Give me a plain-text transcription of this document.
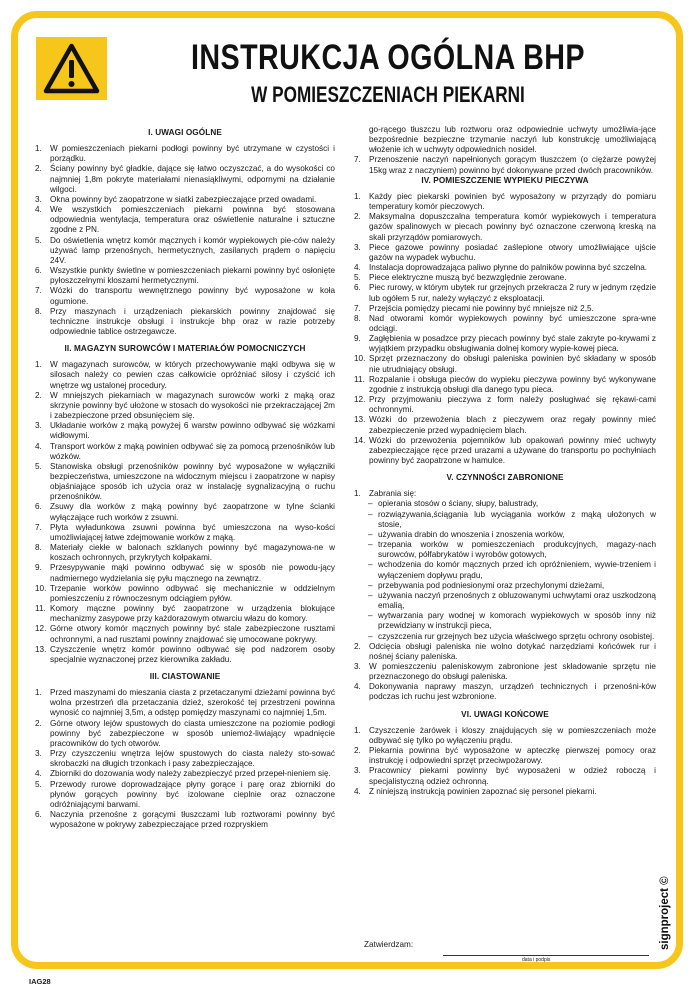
INSTRUKCJA OGÓLNA BHP
W POMIESZCZENIACH PIEKARNI
I. UWAGI OGÓLNE
1. W pomieszczeniach piekarni podłogi powinny być utrzymane w czystości i porządku.
2. Ściany powinny być gładkie, dające się łatwo oczyszczać, a do wysokości co najmniej 1,8m pokryte materiałami nienasiąkliwymi, odpornymi na działanie wilgoci.
3. Okna powinny być zaopatrzone w siatki zabezpieczające przed owadami.
4. We wszystkich pomieszczeniach piekarni powinna być stosowana odpowiednia wentylacja, temperatura oraz oświetlenie naturalne i sztuczne zgodne z PN.
5. Do oświetlenia wnętrz komór mącznych i komór wypiekowych pie-ców należy używać lamp przenośnych, hermetycznych, zasilanych prądem o napięciu 24V.
6. Wszystkie punkty świetlne w pomieszczeniach piekarni powinny być osłonięte pyłoszczelnymi kloszami hermetycznymi.
7. Wózki do transportu wewnętrznego powinny być wyposażone w koła ogumione.
8. Przy maszynach i urządzeniach piekarskich powinny znajdować się techniczne instrukcje obsługi i instrukcje bhp oraz w razie potrzeby odpowiednie tablice ostrzegawcze.
II. MAGAZYN SUROWCÓW I MATERIAŁÓW POMOCNICZYCH
1. W magazynach surowców, w których przechowywanie mąki odbywa się w silosach należy co pewien czas całkowicie opróżniać silosy i czyścić ich wnętrze wg ustalonej procedury.
2. W mniejszych piekarniach w magazynach surowców worki z mąką oraz skrzynie powinny być ułożone w stosach do wysokości nie przekraczającej 2m i zabezpieczone przed obsunięciem się.
3. Układanie worków z mąką powyżej 6 warstw powinno odbywać się wózkami widłowymi.
4. Transport worków z mąką powinien odbywać się za pomocą przenośników lub wózków.
5. Stanowiska obsługi przenośników powinny być wyposażone w wyłączniki bezpieczeństwa, umieszczone na widocznym miejscu i zaopatrzone w napisy objaśniające sposób ich użycia oraz w instalację sygnalizacyjną o ruchu przenośników.
6. Zsuwy dla worków z mąką powinny być zaopatrzone w tylne ścianki wyłączające ruch worków z zsuwni.
7. Płyta wyładunkowa zsuwni powinna być umieszczona na wyso-kości umożliwiającej łatwe zdejmowanie worków z mąką.
8. Materiały ciekłe w balonach szklanych powinny być magazynowa-ne w koszach ochronnych, przykrytych kołpakami.
9. Przesypywanie mąki powinno odbywać się w sposób nie powodu-jący nadmiernego wydzielania się pyłu mącznego na zewnątrz.
10. Trzepanie worków powinno odbywać się mechanicznie w oddzielnym pomieszczeniu z równoczesnym odciągiem pyłów.
11. Komory mączne powinny być zaopatrzone w urządzenia blokujące mechanizmy zasypowe przy każdorazowym otwarciu włazu do komory.
12. Górne otwory komór mącznych powinny być stale zabezpieczone rusztami ochronnymi, a nad rusztami powinny znajdować się umocowane pokrywy.
13. Czyszczenie wnętrz komór powinno odbywać się pod nadzorem osoby specjalnie wyznaczonej przez kierownika zakładu.
III. CIASTOWANIE
1. Przed maszynami do mieszania ciasta z przetaczanymi dzieżami powinna być wolna przestrzeń dla przetaczania dzież, szerokość tej przestrzeni powinna wynosić co najmniej 3,5m, a odstęp pomiędzy maszynami co najmniej 1,5m.
2. Górne otwory lejów spustowych do ciasta umieszczone na poziomie podłogi powinny być zabezpieczone w sposób uniemoż-liwiający wpadnięcie pracowników do tych otworów.
3. Przy czyszczeniu wnętrza lejów spustowych do ciasta należy sto-sować skrobaczki na długich trzonkach i pasy zabezpieczające.
4. Zbiorniki do dozowania wody należy zabezpieczyć przed przepeł-nieniem się.
5. Przewody rurowe doprowadzające płyny gorące i parę oraz zbiorniki do płynów gorących powinny być izolowane cieplnie oraz oznaczone odróżniającymi barwami.
6. Naczynia przenośne z gorącymi tłuszczami lub roztworami powinny być wyposażone w pokrywy zabezpieczające przed rozpryskiem
go-rącego tłuszczu lub roztworu oraz odpowiednie uchwyty umożliwia-jące bezpośrednie bezpieczne trzymanie naczyń lub konstrukcję umożliwiającą włożenie ich w uchwyty odpowiednich nosideł.
7. Przenoszenie naczyń napełnionych gorącym tłuszczem (o ciężarze powyżej 15kg wraz z naczyniem) powinno być dokonywane przed dwóch pracowników.
IV. POMIESZCZENIE WYPIEKU PIECZYWA
1. Każdy piec piekarski powinien być wyposażony w przyrządy do pomiaru temperatury komór pieczowych.
2. Maksymalna dopuszczalna temperatura komór wypiekowych i temperatura gazów spalinowych w piecach powinny być oznaczone czerwoną kreską na skali przyrządów pomiarowych.
3. Piece gazowe powinny posiadać zaślepione otwory umożliwiające ujście gazów na wypadek wybuchu.
4. Instalacja doprowadzająca paliwo płynne do palników powinna być szczelna.
5. Piece elektryczne muszą być bezwzględnie zerowane.
6. Piec rurowy, w którym ubytek rur grzejnych przekracza 2 rury w jednym rzędzie lub ogółem 5 rur, należy wyłączyć z eksploatacji.
7. Przejścia pomiędzy piecami nie powinny być mniejsze niż 2,5.
8. Nad otworami komór wypiekowych powinny być umieszczone spra-wne odciągi.
9. Zagłębienia w posadzce przy piecach powinny być stale zakryte po-krywami z wyjątkiem przypadku obsługiwania dolnej komory wypie-kowej pieca.
10. Sprzęt przeznaczony do obsługi paleniska powinien być składany w sposób nie utrudniający obsługi.
11. Rozpalanie i obsługa pieców do wypieku pieczywa powinny być wykonywane zgodnie z instrukcją obsługi dla danego typu pieca.
12. Przy przyjmowaniu pieczywa z form należy posługiwać się rękawi-cami ochronnymi.
13. Wózki do przewożenia blach z pieczywem oraz regały powinny mieć zabezpieczenie przed wypadnięciem blach.
14. Wózki do przewożenia pojemników lub opakowań powinny mieć uchwyty zabezpieczające ręce przed urazami a używane do transportu po pochyłniach powinny być zaopatrzone w hamulce.
V. CZYNNOŚCI ZABRONIONE
1. Zabrania się:
– opierania stosów o ściany, słupy, balustrady,
– rozwiązywania,ściągania lub wyciągania worków z mąką ułożonych w stosie,
– używania drabin do wnoszenia i znoszenia worków,
– trzepania worków w pomieszczeniach produkcyjnych, magazy-nach surowców, półfabrykatów i wyrobów gotowych,
– wchodzenia do komór mącznych przed ich opróżnieniem, wywie-trzeniem i wyłączeniem dopływu prądu,
– przebywania pod podniesionymi oraz przechylonymi dzieżami,
– używania naczyń przenośnych z obluzowanymi uchwytami oraz uszkodzoną emalią,
– wytwarzania pary wodnej w komorach wypiekowych w sposób inny niż przewidziany w instrukcji pieca,
– czyszczenia rur grzejnych bez użycia właściwego sprzętu ochrony osobistej.
2. Odcięcia obsługi paleniska nie wolno dotykać narzędziami końcówek rur i nośnej ściany paleniska.
3. W pomieszczeniu paleniskowym zabronione jest składowanie sprzętu nie przeznaczonego do obsługi paleniska.
4. Dokonywania naprawy maszyn, urządzeń technicznych i przenośni-ków podczas ich ruchu jest wzbronione.
VI. UWAGI KOŃCOWE
1. Czyszczenie żarówek i kloszy znajdujących się w pomieszczeniach może odbywać się tylko po wyłączeniu prądu.
2. Piekarnia powinna być wyposażone w apteczkę pierwszej pomocy oraz instrukcję i odpowiedni sprzęt przeciwpożarowy.
3. Pracownicy piekarni powinny być wyposażeni w odzież roboczą i specjalistyczną odzież ochronną.
4. Z niniejszą instrukcją powinien zapoznać się personel piekarni.
Zatwierdzam:
data i podpis
signproject ©
IAG28
